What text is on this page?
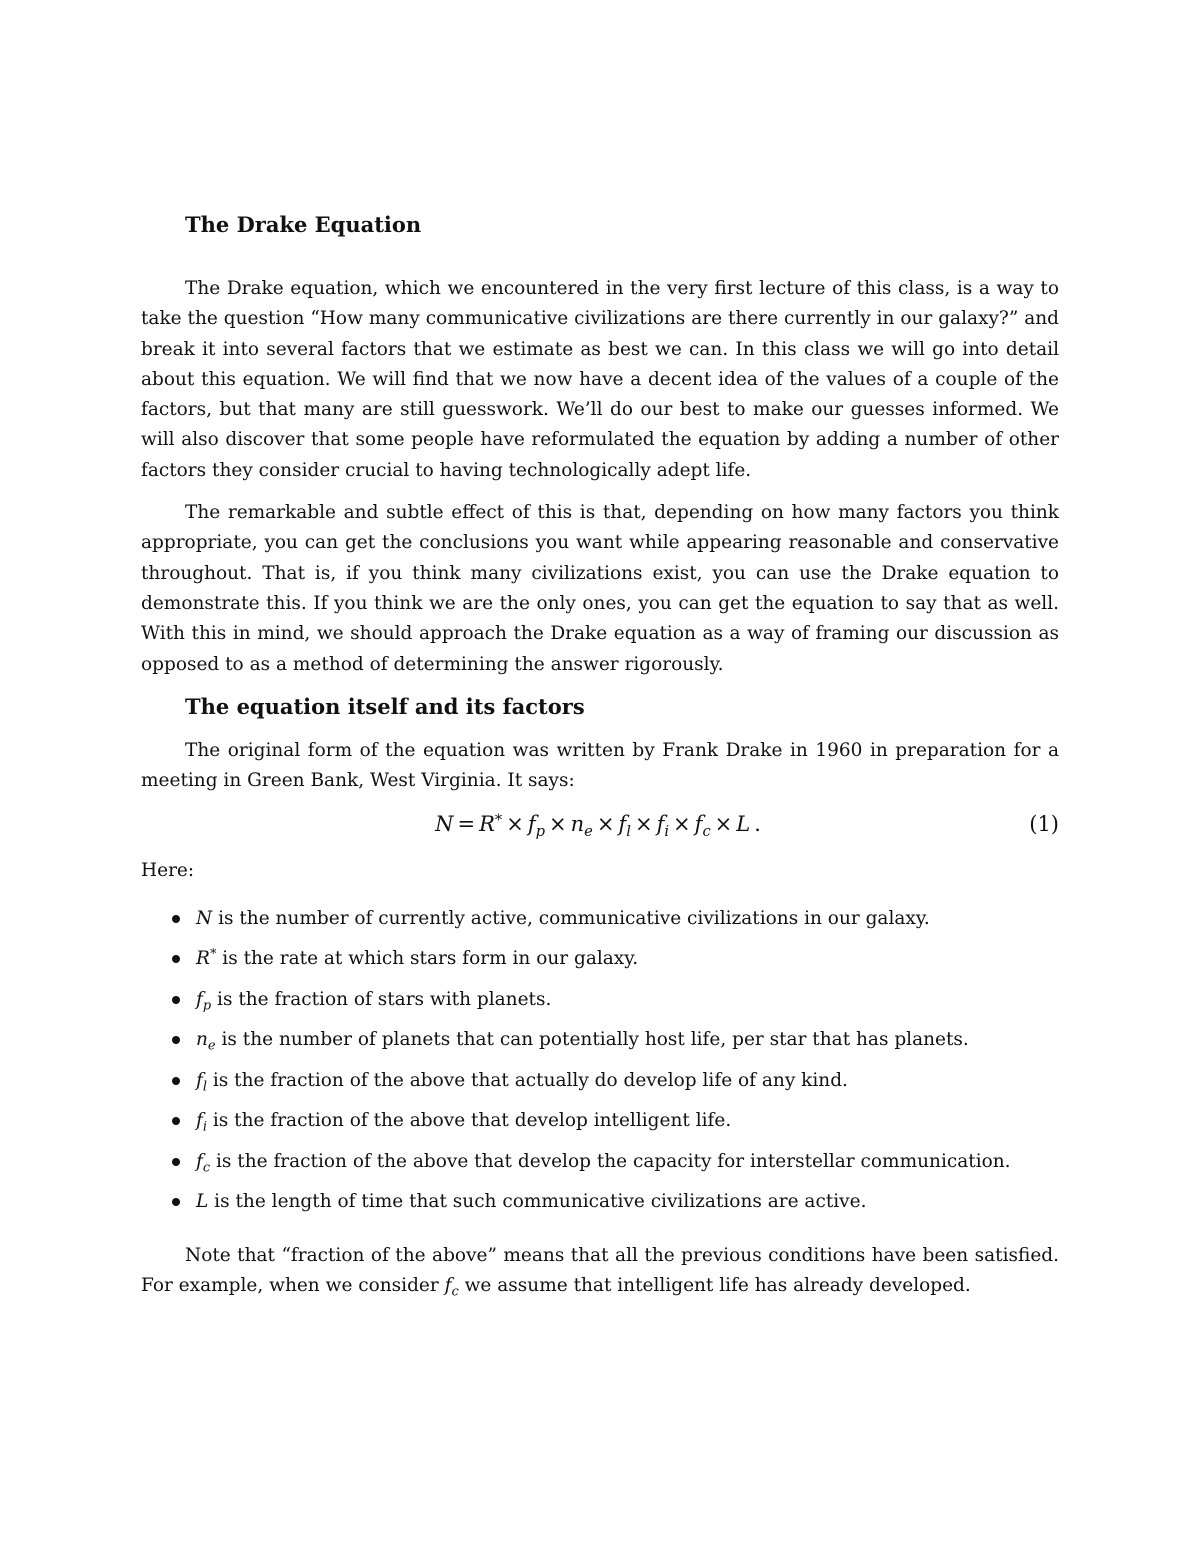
The Drake Equation

The Drake equation, which we encountered in the very first lecture of this class, is a way to take the question “How many communicative civilizations are there currently in our galaxy?” and break it into several factors that we estimate as best we can. In this class we will go into detail about this equation. We will find that we now have a decent idea of the values of a couple of the factors, but that many are still guesswork. We’ll do our best to make our guesses informed. We will also discover that some people have reformulated the equation by adding a number of other factors they consider crucial to having technologically adept life.

The remarkable and subtle effect of this is that, depending on how many factors you think appropriate, you can get the conclusions you want while appearing reasonable and conservative throughout. That is, if you think many civilizations exist, you can use the Drake equation to demonstrate this. If you think we are the only ones, you can get the equation to say that as well. With this in mind, we should approach the Drake equation as a way of framing our discussion as opposed to as a method of determining the answer rigorously.

The equation itself and its factors

The original form of the equation was written by Frank Drake in 1960 in preparation for a meeting in Green Bank, West Virginia. It says:

$N = R^* \times f_p \times n_e \times f_l \times f_i \times f_c \times L$ .	(1)

Here:

N is the number of currently active, communicative civilizations in our galaxy.
R* is the rate at which stars form in our galaxy.
$f_p$ is the fraction of stars with planets.
$n_e$ is the number of planets that can potentially host life, per star that has planets.
$f_l$ is the fraction of the above that actually do develop life of any kind.
$f_i$ is the fraction of the above that develop intelligent life.
$f_c$ is the fraction of the above that develop the capacity for interstellar communication.
L is the length of time that such communicative civilizations are active.

Note that “fraction of the above” means that all the previous conditions have been satisfied. For example, when we consider $f_c$ we assume that intelligent life has already developed.
